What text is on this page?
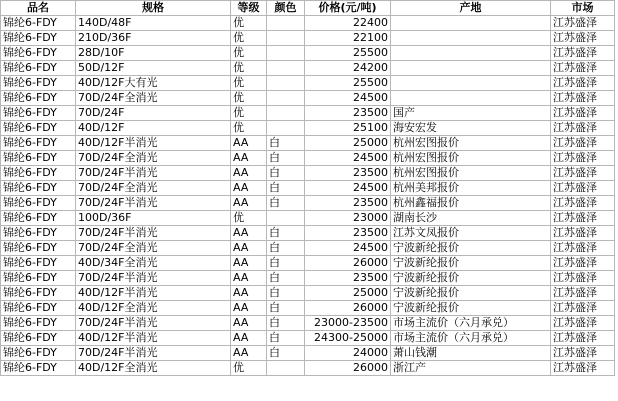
品名	规格	等级	颜色	价格(元/吨)	产地	市场
锦纶6-FDY	140D/48F	优		22400		江苏盛泽
锦纶6-FDY	210D/36F	优		22100		江苏盛泽
锦纶6-FDY	28D/10F	优		25500		江苏盛泽
锦纶6-FDY	50D/12F	优		24200		江苏盛泽
锦纶6-FDY	40D/12F大有光	优		25500		江苏盛泽
锦纶6-FDY	70D/24F全消光	优		24500		江苏盛泽
锦纶6-FDY	70D/24F	优		23500	国产	江苏盛泽
锦纶6-FDY	40D/12F	优		25100	海安宏发	江苏盛泽
锦纶6-FDY	40D/12F半消光	AA	白	25000	杭州宏图报价	江苏盛泽
锦纶6-FDY	70D/24F全消光	AA	白	24500	杭州宏图报价	江苏盛泽
锦纶6-FDY	70D/24F半消光	AA	白	23500	杭州宏图报价	江苏盛泽
锦纶6-FDY	70D/24F全消光	AA	白	24500	杭州美邦报价	江苏盛泽
锦纶6-FDY	70D/24F半消光	AA	白	23500	杭州鑫福报价	江苏盛泽
锦纶6-FDY	100D/36F	优		23000	湖南长沙	江苏盛泽
锦纶6-FDY	70D/24F半消光	AA	白	23500	江苏文凤报价	江苏盛泽
锦纶6-FDY	70D/24F全消光	AA	白	24500	宁波新纶报价	江苏盛泽
锦纶6-FDY	40D/34F全消光	AA	白	26000	宁波新纶报价	江苏盛泽
锦纶6-FDY	70D/24F半消光	AA	白	23500	宁波新纶报价	江苏盛泽
锦纶6-FDY	40D/12F半消光	AA	白	25000	宁波新纶报价	江苏盛泽
锦纶6-FDY	40D/12F全消光	AA	白	26000	宁波新纶报价	江苏盛泽
锦纶6-FDY	70D/24F半消光	AA	白	23000-23500	市场主流价（六月承兑）	江苏盛泽
锦纶6-FDY	40D/12F半消光	AA	白	24300-25000	市场主流价（六月承兑）	江苏盛泽
锦纶6-FDY	70D/24F半消光	AA	白	24000	萧山钱潮	江苏盛泽
锦纶6-FDY	40D/12F全消光	优		26000	浙江产	江苏盛泽
